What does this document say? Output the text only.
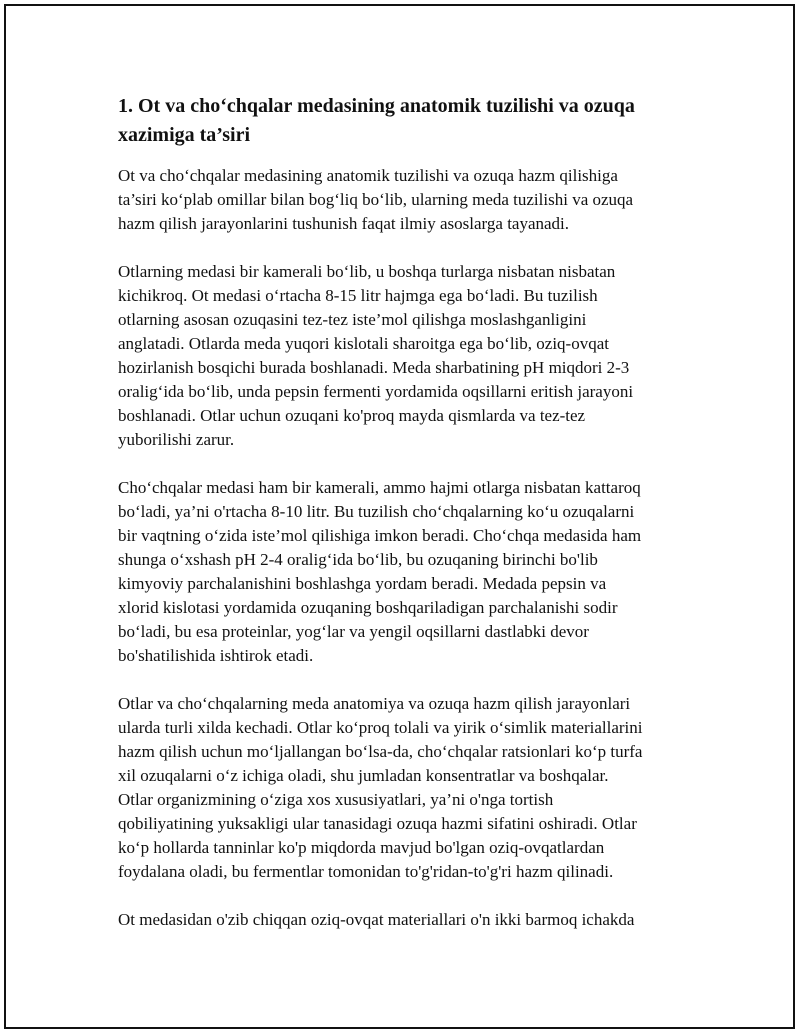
1. Ot va cho‘chqalar medasining anatomik tuzilishi va ozuqa
xazimiga ta’siri

Ot va cho‘chqalar medasining anatomik tuzilishi va ozuqa hazm qilishiga
ta’siri ko‘plab omillar bilan bog‘liq bo‘lib, ularning meda tuzilishi va ozuqa
hazm qilish jarayonlarini tushunish faqat ilmiy asoslarga tayanadi.

Otlarning medasi bir kamerali bo‘lib, u boshqa turlarga nisbatan nisbatan
kichikroq. Ot medasi o‘rtacha 8-15 litr hajmga ega bo‘ladi. Bu tuzilish
otlarning asosan ozuqasini tez-tez iste’mol qilishga moslashganligini
anglatadi. Otlarda meda yuqori kislotali sharoitga ega bo‘lib, oziq-ovqat
hozirlanish bosqichi burada boshlanadi. Meda sharbatining pH miqdori 2-3
oralig‘ida bo‘lib, unda pepsin fermenti yordamida oqsillarni eritish jarayoni
boshlanadi. Otlar uchun ozuqani ko'proq mayda qismlarda va tez-tez
yuborilishi zarur.

Cho‘chqalar medasi ham bir kamerali, ammo hajmi otlarga nisbatan kattaroq
bo‘ladi, ya’ni o'rtacha 8-10 litr. Bu tuzilish cho‘chqalarning ko‘u ozuqalarni
bir vaqtning o‘zida iste’mol qilishiga imkon beradi. Cho‘chqa medasida ham
shunga o‘xshash pH 2-4 oralig‘ida bo‘lib, bu ozuqaning birinchi bo'lib
kimyoviy parchalanishini boshlashga yordam beradi. Medada pepsin va
xlorid kislotasi yordamida ozuqaning boshqariladigan parchalanishi sodir
bo‘ladi, bu esa proteinlar, yog‘lar va yengil oqsillarni dastlabki devor
bo'shatilishida ishtirok etadi.

Otlar va cho‘chqalarning meda anatomiya va ozuqa hazm qilish jarayonlari
ularda turli xilda kechadi. Otlar ko‘proq tolali va yirik o‘simlik materiallarini
hazm qilish uchun mo‘ljallangan bo‘lsa-da, cho‘chqalar ratsionlari ko‘p turfa
xil ozuqalarni o‘z ichiga oladi, shu jumladan konsentratlar va boshqalar.
Otlar organizmining o‘ziga xos xususiyatlari, ya’ni o'nga tortish
qobiliyatining yuksakligi ular tanasidagi ozuqa hazmi sifatini oshiradi. Otlar
ko‘p hollarda tanninlar ko'p miqdorda mavjud bo'lgan oziq-ovqatlardan
foydalana oladi, bu fermentlar tomonidan to'g'ridan-to'g'ri hazm qilinadi.

Ot medasidan o'zib chiqqan oziq-ovqat materiallari o'n ikki barmoq ichakda
